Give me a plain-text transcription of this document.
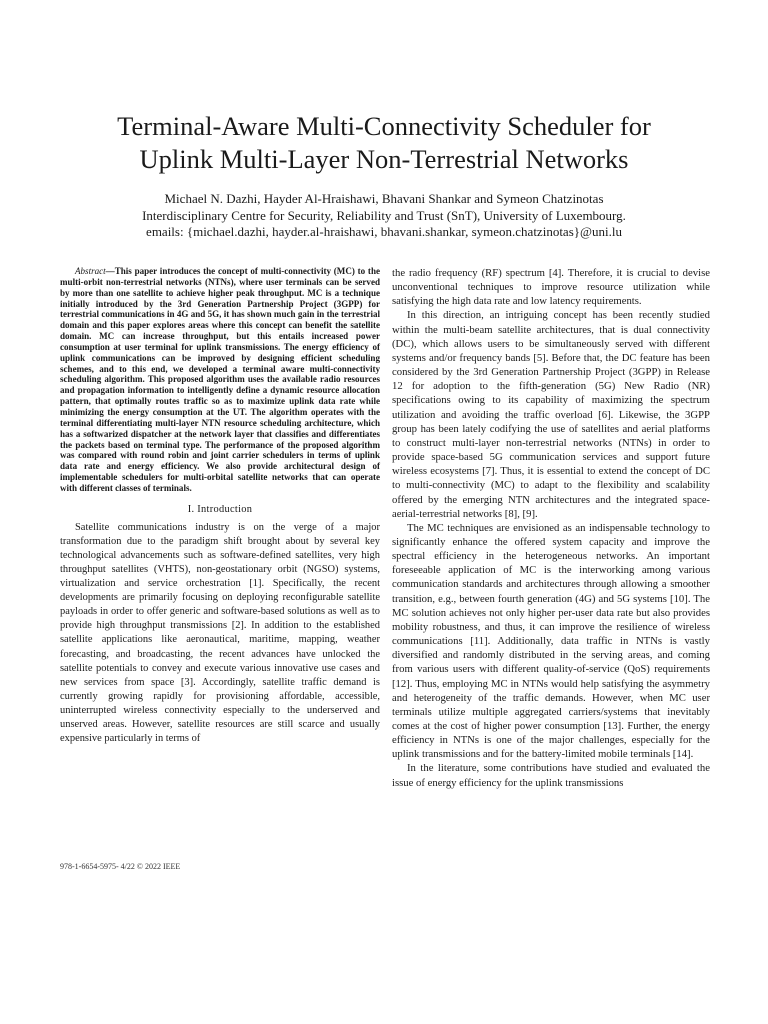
Terminal-Aware Multi-Connectivity Scheduler for
Uplink Multi-Layer Non-Terrestrial Networks
Michael N. Dazhi, Hayder Al-Hraishawi, Bhavani Shankar and Symeon Chatzinotas
Interdisciplinary Centre for Security, Reliability and Trust (SnT), University of Luxembourg.
emails: {michael.dazhi, hayder.al-hraishawi, bhavani.shankar, symeon.chatzinotas}@uni.lu

Abstract—This paper introduces the concept of multi-connectivity (MC) to the multi-orbit non-terrestrial networks (NTNs), where user terminals can be served by more than one satellite to achieve higher peak throughput. MC is a technique initially introduced by the 3rd Generation Partnership Project (3GPP) for terrestrial communications in 4G and 5G, it has shown much gain in the terrestrial domain and this paper explores areas where this concept can benefit the satellite domain. MC can increase throughput, but this entails increased power consumption at user terminal for uplink transmissions. The energy efficiency of uplink communications can be improved by designing efficient scheduling schemes, and to this end, we developed a terminal aware multi-connectivity scheduling algorithm. This proposed algorithm uses the available radio resources and propagation information to intelligently define a dynamic resource allocation pattern, that optimally routes traffic so as to maximize uplink data rate while minimizing the energy consumption at the UT. The algorithm operates with the terminal differentiating multi-layer NTN resource scheduling architecture, which has a softwarized dispatcher at the network layer that classifies and differentiates the packets based on terminal type. The performance of the proposed algorithm was compared with round robin and joint carrier schedulers in terms of uplink data rate and energy efficiency. We also provide architectural design of implementable schedulers for multi-orbital satellite networks that can operate with different classes of terminals.

I. Introduction

Satellite communications industry is on the verge of a major transformation due to the paradigm shift brought about by several key technological advancements such as software-defined satellites, very high throughput satellites (VHTS), non-geostationary orbit (NGSO) systems, virtualization and service orchestration [1]. Specifically, the recent developments are primarily focusing on deploying reconfigurable satellite payloads in order to offer generic and software-based solutions as well as to provide high throughput transmissions [2]. In addition to the established satellite applications like aeronautical, maritime, mapping, weather forecasting, and broadcasting, the recent advances have unlocked the satellite potentials to convey and execute various innovative use cases and new services from space [3]. Accordingly, satellite traffic demand is currently growing rapidly for provisioning affordable, accessible, uninterrupted wireless connectivity especially to the underserved and unserved areas. However, satellite resources are still scarce and usually expensive particularly in terms of

the radio frequency (RF) spectrum [4]. Therefore, it is crucial to devise unconventional techniques to improve resource utilization while satisfying the high data rate and low latency requirements.

In this direction, an intriguing concept has been recently studied within the multi-beam satellite architectures, that is dual connectivity (DC), which allows users to be simultaneously served with different systems and/or frequency bands [5]. Before that, the DC feature has been considered by the 3rd Generation Partnership Project (3GPP) in Release 12 for adoption to the fifth-generation (5G) New Radio (NR) specifications owing to its capability of maximizing the spectrum utilization and avoiding the traffic overload [6]. Likewise, the 3GPP group has been lately codifying the use of satellites and aerial platforms to construct multi-layer non-terrestrial networks (NTNs) in order to provide space-based 5G communication services and support future wireless ecosystems [7]. Thus, it is essential to extend the concept of DC to multi-connectivity (MC) to adapt to the flexibility and scalability offered by the emerging NTN architectures and the integrated space-aerial-terrestrial networks [8], [9].

The MC techniques are envisioned as an indispensable technology to significantly enhance the offered system capacity and improve the spectral efficiency in the heterogeneous networks. An important foreseeable application of MC is the interworking among various communication standards and architectures through allowing a smoother transition, e.g., between fourth generation (4G) and 5G systems [10]. The MC solution achieves not only higher per-user data rate but also provides mobility robustness, and thus, it can improve the resilience of wireless communications [11]. Additionally, data traffic in NTNs is vastly diversified and randomly distributed in the serving areas, and coming from various users with different quality-of-service (QoS) requirements [12]. Thus, employing MC in NTNs would help satisfying the asymmetry and heterogeneity of the traffic demands. However, when MC user terminals utilize multiple aggregated carriers/systems that inevitably comes at the cost of higher power consumption [13]. Further, the energy efficiency in NTNs is one of the major challenges, especially for the uplink transmissions and for the battery-limited mobile terminals [14].

In the literature, some contributions have studied and evaluated the issue of energy efficiency for the uplink transmissions

978-1-6654-5975- 4/22 © 2022 IEEE
